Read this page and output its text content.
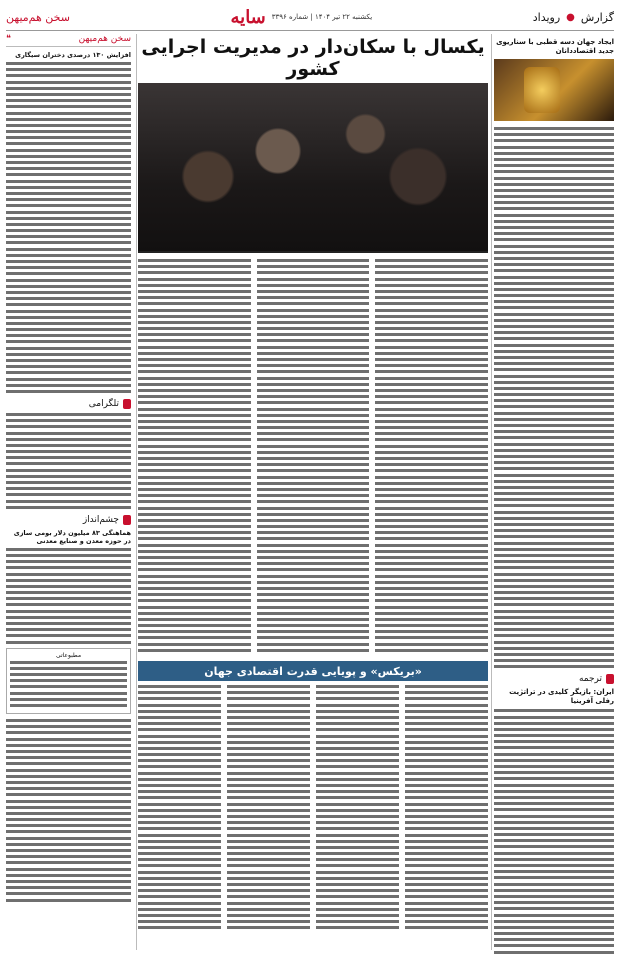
گزارش
●
رویداد
یکشنبه ۲۲ تیر ۱۴۰۴ | شماره ۳۳۹۶
سایه
سخن هم‌میهن
ایجاد جهان دسه قطبی با سناریوی جدید اقتصاددانان
ترجمه
ایران: بازیگر کلیدی در تراتژیت رفلی آفرینیا
یکسال با سکان‌دار در مدیریت اجرایی کشور
«بریکس» و پویایی قدرت اقتصادی جهان
سخن هم‌میهن
❝
افزایش ۱۳۰ درصدی دختران سیگاری
تلگرامی
چشم‌انداز
هماهنگی ۸۳ میلیون دلار بومی سازی در حوزه معدن و صنایع معدنی
مطبوعاتی
